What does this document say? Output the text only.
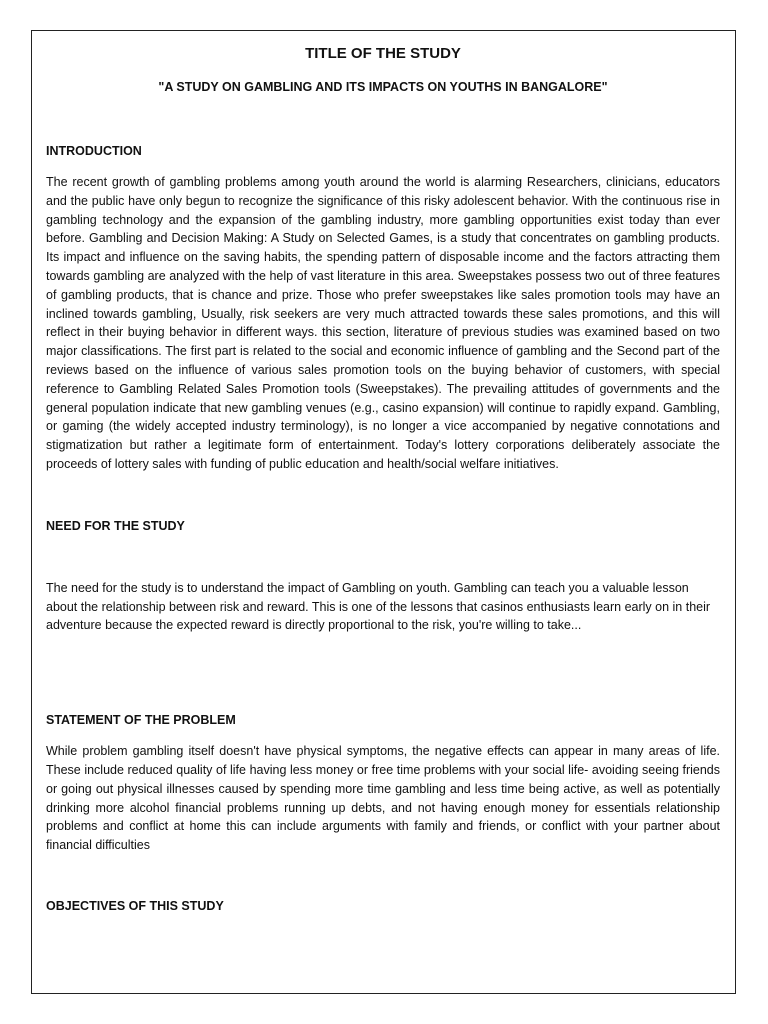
TITLE OF THE STUDY
"A STUDY ON GAMBLING AND ITS IMPACTS ON YOUTHS IN BANGALORE"
INTRODUCTION

The recent growth of gambling problems among youth around the world is alarming Researchers, clinicians, educators and the public have only begun to recognize the significance of this risky adolescent behavior. With the continuous rise in gambling technology and the expansion of the gambling industry, more gambling opportunities exist today than ever before. Gambling and Decision Making: A Study on Selected Games, is a study that concentrates on gambling products. Its impact and influence on the saving habits, the spending pattern of disposable income and the factors attracting them towards gambling are analyzed with the help of vast literature in this area. Sweepstakes possess two out of three features of gambling products, that is chance and prize. Those who prefer sweepstakes like sales promotion tools may have an inclined towards gambling, Usually, risk seekers are very much attracted towards these sales promotions, and this will reflect in their buying behavior in different ways. this section, literature of previous studies was examined based on two major classifications. The first part is related to the social and economic influence of gambling and the Second part of the reviews based on the influence of various sales promotion tools on the buying behavior of customers, with special reference to Gambling Related Sales Promotion tools (Sweepstakes). The prevailing attitudes of governments and the general population indicate that new gambling venues (e.g., casino expansion) will continue to rapidly expand. Gambling, or gaming (the widely accepted industry terminology), is no longer a vice accompanied by negative connotations and stigmatization but rather a legitimate form of entertainment. Today's lottery corporations deliberately associate the proceeds of lottery sales with funding of public education and health/social welfare initiatives.

NEED FOR THE STUDY

The need for the study is to understand the impact of Gambling on youth. Gambling can teach you a valuable lesson about the relationship between risk and reward. This is one of the lessons that casinos enthusiasts learn early on in their adventure because the expected reward is directly proportional to the risk, you're willing to take...

STATEMENT OF THE PROBLEM

While problem gambling itself doesn't have physical symptoms, the negative effects can appear in many areas of life. These include reduced quality of life having less money or free time problems with your social life- avoiding seeing friends or going out physical illnesses caused by spending more time gambling and less time being active, as well as potentially drinking more alcohol financial problems running up debts, and not having enough money for essentials relationship problems and conflict at home this can include arguments with family and friends, or conflict with your partner about financial difficulties

OBJECTIVES OF THIS STUDY
